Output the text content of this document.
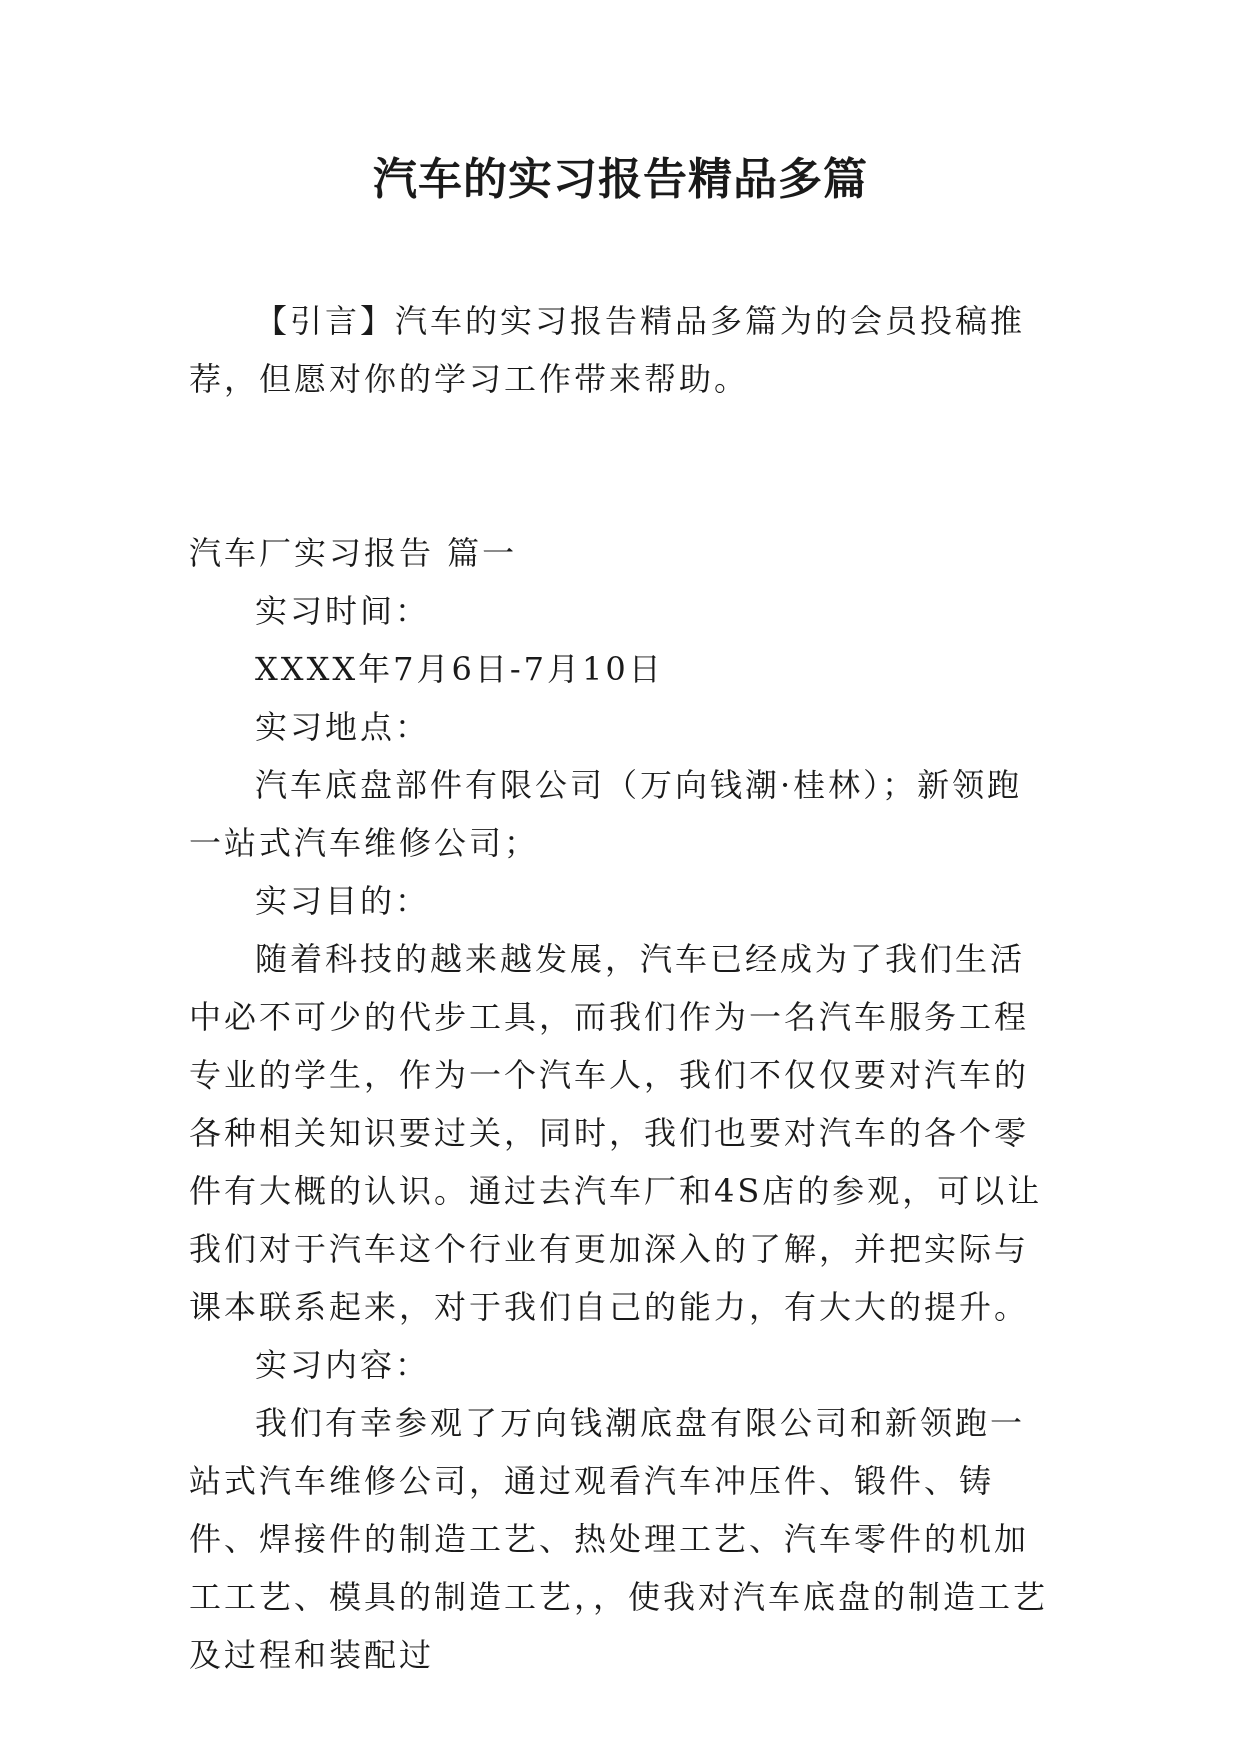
汽车的实习报告精品多篇

【引言】汽车的实习报告精品多篇为的会员投稿推荐，但愿对你的学习工作带来帮助。

汽车厂实习报告 篇一

实习时间：

XXXX年7月6日-7月10日

实习地点：

汽车底盘部件有限公司（万向钱潮·桂林）；新领跑一站式汽车维修公司；

实习目的：

随着科技的越来越发展，汽车已经成为了我们生活中必不可少的代步工具，而我们作为一名汽车服务工程专业的学生，作为一个汽车人，我们不仅仅要对汽车的各种相关知识要过关，同时，我们也要对汽车的各个零件有大概的认识。通过去汽车厂和4S店的参观，可以让我们对于汽车这个行业有更加深入的了解，并把实际与课本联系起来，对于我们自己的能力，有大大的提升。

实习内容：

我们有幸参观了万向钱潮底盘有限公司和新领跑一站式汽车维修公司，通过观看汽车冲压件、锻件、铸件、焊接件的制造工艺、热处理工艺、汽车零件的机加工工艺、模具的制造工艺，，使我对汽车底盘的制造工艺及过程和装配过
